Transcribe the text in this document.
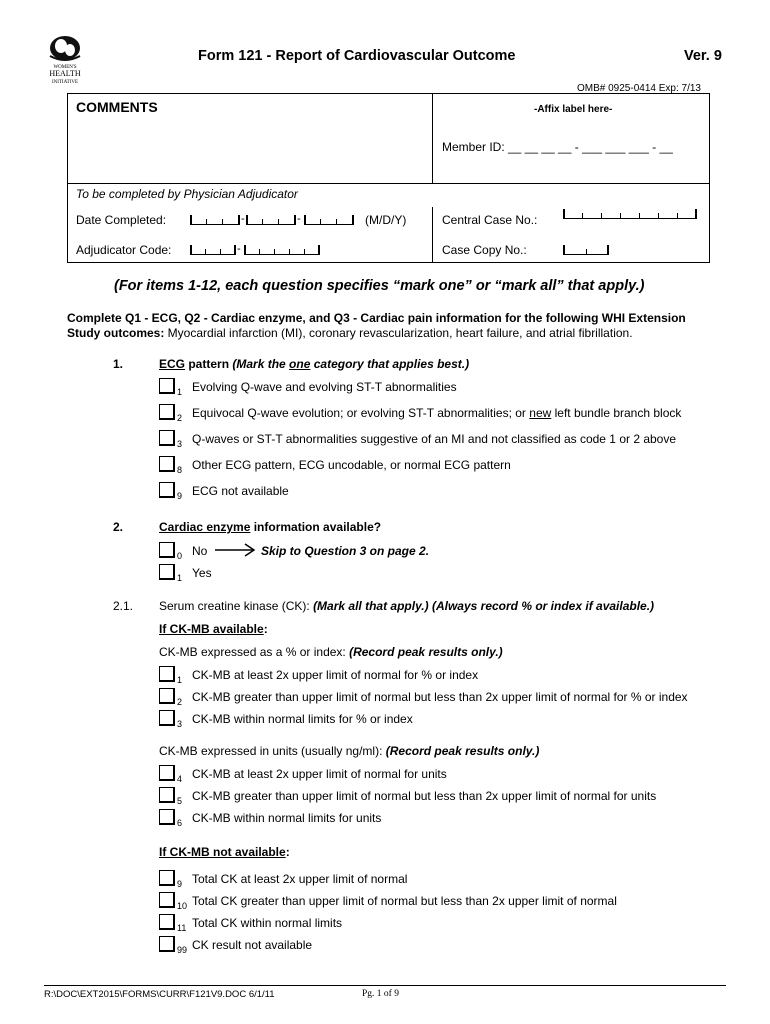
WOMEN'S
HEALTH
INITIATIVE
Form 121 - Report of Cardiovascular Outcome	Ver. 9
OMB# 0925-0414 Exp: 7/13
COMMENTS	-Affix label here-
Member ID: __ __ __ __ - ___ ___ ___ - __
To be completed by Physician Adjudicator
Date Completed:	-	-	(M/D/Y)
Adjudicator Code:	-
Central Case No.:
Case Copy No.:
(For items 1-12, each question specifies “mark one” or “mark all” that apply.)
Complete Q1 - ECG, Q2 - Cardiac enzyme, and Q3 - Cardiac pain information for the following WHI Extension
Study outcomes: Myocardial infarction (MI), coronary revascularization, heart failure, and atrial fibrillation.
1.	ECG pattern (Mark the one category that applies best.)
1 Evolving Q-wave and evolving ST-T abnormalities
2 Equivocal Q-wave evolution; or evolving ST-T abnormalities; or new left bundle branch block
3 Q-waves or ST-T abnormalities suggestive of an MI and not classified as code 1 or 2 above
8 Other ECG pattern, ECG uncodable, or normal ECG pattern
9 ECG not available
2.	Cardiac enzyme information available?
0 No	Skip to Question 3 on page 2.
1 Yes
2.1. Serum creatine kinase (CK): (Mark all that apply.) (Always record % or index if available.)
If CK-MB available:
CK-MB expressed as a % or index: (Record peak results only.)
1 CK-MB at least 2x upper limit of normal for % or index
2 CK-MB greater than upper limit of normal but less than 2x upper limit of normal for % or index
3 CK-MB within normal limits for % or index
CK-MB expressed in units (usually ng/ml): (Record peak results only.)
4 CK-MB at least 2x upper limit of normal for units
5 CK-MB greater than upper limit of normal but less than 2x upper limit of normal for units
6 CK-MB within normal limits for units
If CK-MB not available:
9 Total CK at least 2x upper limit of normal
10 Total CK greater than upper limit of normal but less than 2x upper limit of normal
11 Total CK within normal limits
99 CK result not available
R:\DOC\EXT2015\FORMS\CURR\F121V9.DOC 6/1/11	Pg. 1 of 9
